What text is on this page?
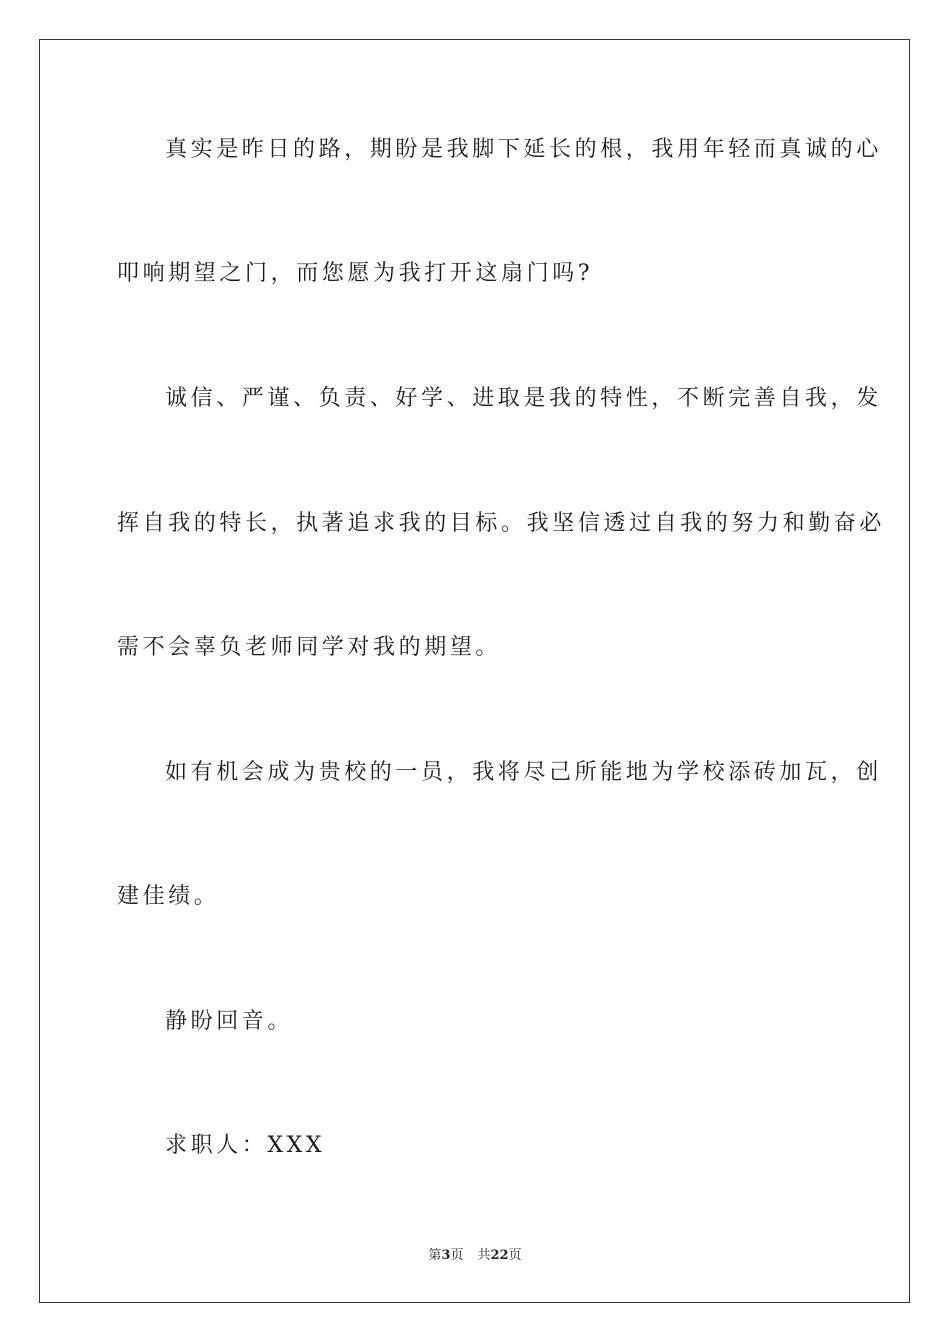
真实是昨日的路，期盼是我脚下延长的根，我用年轻而真诚的心
叩响期望之门，而您愿为我打开这扇门吗?
诚信、严谨、负责、好学、进取是我的特性，不断完善自我，发
挥自我的特长，执著追求我的目标。我坚信透过自我的努力和勤奋必
需不会辜负老师同学对我的期望。
如有机会成为贵校的一员，我将尽己所能地为学校添砖加瓦，创
建佳绩。
静盼回音。
求职人：XXX
第3页 共22页
